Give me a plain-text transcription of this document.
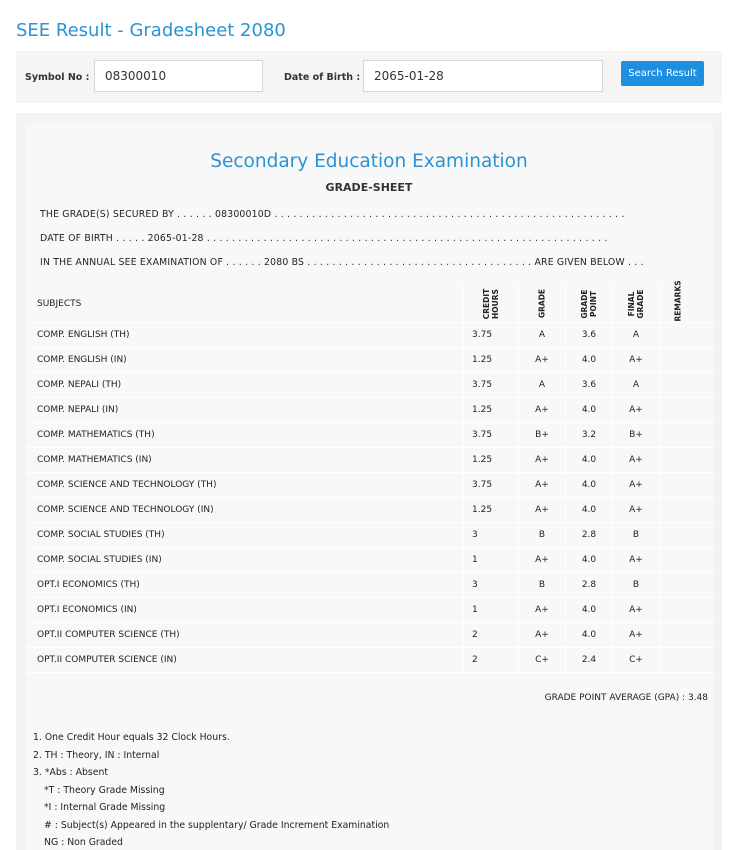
SEE Result - Gradesheet 2080
Symbol No :	08300010	Date of Birth :	2065-01-28	Search Result
Secondary Education Examination
GRADE-SHEET
THE GRADE(S) SECURED BY . . . . . . 08300010D . . . . . . . . . . . . . . . . . . . . . . . . . . . . . . . . . . . . . . . . . . . . . . . . . . . . . . . .
DATE OF BIRTH . . . . . 2065-01-28 . . . . . . . . . . . . . . . . . . . . . . . . . . . . . . . . . . . . . . . . . . . . . . . . . . . . . . . . . . . . . . . .
IN THE ANNUAL SEE EXAMINATION OF . . . . . . 2080 BS . . . . . . . . . . . . . . . . . . . . . . . . . . . . . . . . . . . . ARE GIVEN BELOW . . .
SUBJECTS	CREDIT HOURS	GRADE	GRADE POINT	FINAL GRADE	REMARKS
COMP. ENGLISH (TH)	3.75	A	3.6	A	
COMP. ENGLISH (IN)	1.25	A+	4.0	A+	
COMP. NEPALI (TH)	3.75	A	3.6	A	
COMP. NEPALI (IN)	1.25	A+	4.0	A+	
COMP. MATHEMATICS (TH)	3.75	B+	3.2	B+	
COMP. MATHEMATICS (IN)	1.25	A+	4.0	A+	
COMP. SCIENCE AND TECHNOLOGY (TH)	3.75	A+	4.0	A+	
COMP. SCIENCE AND TECHNOLOGY (IN)	1.25	A+	4.0	A+	
COMP. SOCIAL STUDIES (TH)	3	B	2.8	B	
COMP. SOCIAL STUDIES (IN)	1	A+	4.0	A+	
OPT.I ECONOMICS (TH)	3	B	2.8	B	
OPT.I ECONOMICS (IN)	1	A+	4.0	A+	
OPT.II COMPUTER SCIENCE (TH)	2	A+	4.0	A+	
OPT.II COMPUTER SCIENCE (IN)	2	C+	2.4	C+	
GRADE POINT AVERAGE (GPA) : 3.48
1. One Credit Hour equals 32 Clock Hours.
2. TH : Theory, IN : Internal
3. *Abs : Absent
*T : Theory Grade Missing
*I : Internal Grade Missing
# : Subject(s) Appeared in the supplentary/ Grade Increment Examination
NG : Non Graded
